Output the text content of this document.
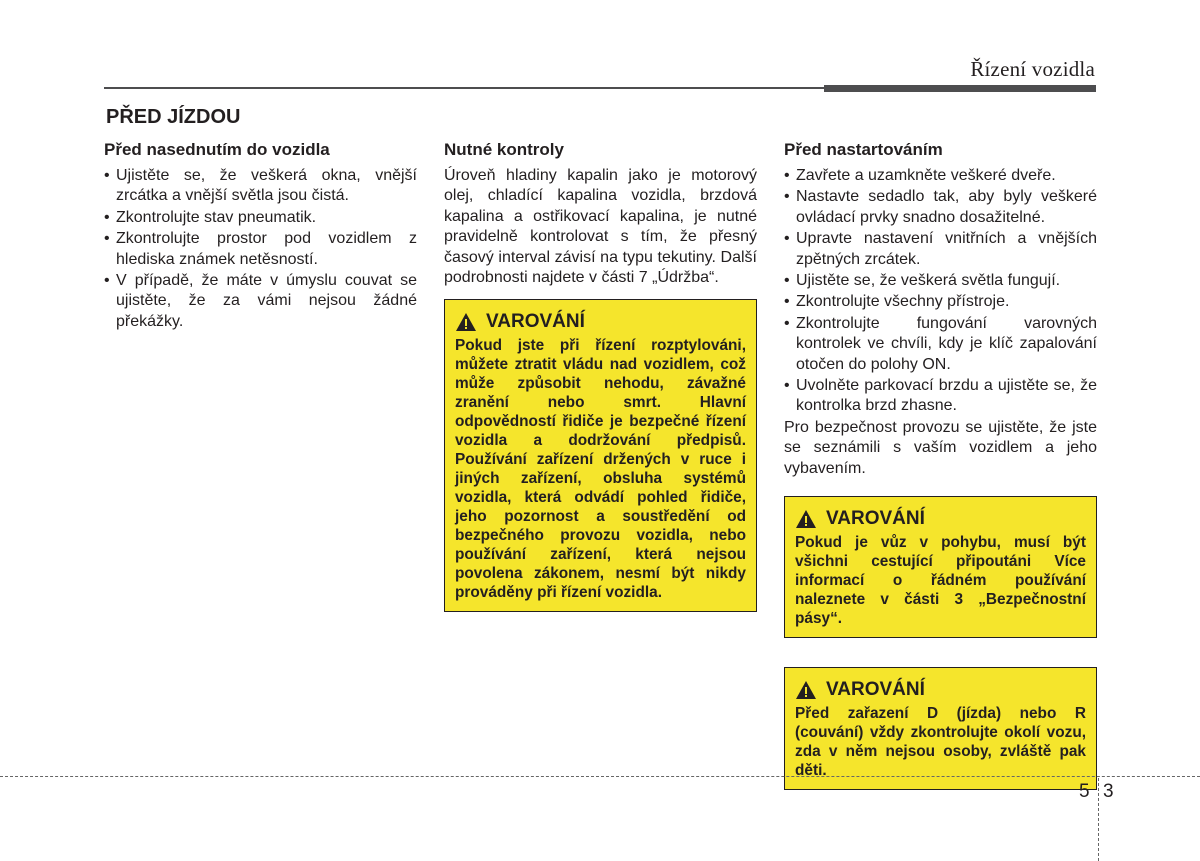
Řízení vozidla
PŘED JÍZDOU
Před nasednutím do vozidla
• Ujistěte se, že veškerá okna, vnější zrcátka a vnější světla jsou čistá.
• Zkontrolujte stav pneumatik.
• Zkontrolujte prostor pod vozidlem z hlediska známek netěsností.
• V případě, že máte v úmyslu couvat se ujistěte, že za vámi nejsou žádné překážky.
Nutné kontroly

Úroveň hladiny kapalin jako je motorový olej, chladící kapalina vozidla, brzdová kapalina a ostřikovací kapalina, je nutné pravidelně kontrolovat s tím, že přesný časový interval závisí na typu tekutiny. Další podrobnosti najdete v části 7 „Údržba“.

VAROVÁNÍ
Pokud jste při řízení rozptylováni, můžete ztratit vládu nad vozidlem, což může způsobit nehodu, závažné zranění nebo smrt. Hlavní odpovědností řidiče je bezpečné řízení vozidla a dodržování předpisů. Používání zařízení držených v ruce i jiných zařízení, obsluha systémů vozidla, která odvádí pohled řidiče, jeho pozornost a soustředění od bezpečného provozu vozidla, nebo používání zařízení, která nejsou povolena zákonem, nesmí být nikdy prováděny při řízení vozidla.
Před nastartováním
• Zavřete a uzamkněte veškeré dveře.
• Nastavte sedadlo tak, aby byly veškeré ovládací prvky snadno dosažitelné.
• Upravte nastavení vnitřních a vnějších zpětných zrcátek.
• Ujistěte se, že veškerá světla fungují.
• Zkontrolujte všechny přístroje.
• Zkontrolujte fungování varovných kontrolek ve chvíli, kdy je klíč zapalování otočen do polohy ON.
• Uvolněte parkovací brzdu a ujistěte se, že kontrolka brzd zhasne.

Pro bezpečnost provozu se ujistěte, že jste se seznámili s vaším vozidlem a jeho vybavením.

VAROVÁNÍ
Pokud je vůz v pohybu, musí být všichni cestující připoutáni Více informací o řádném používání naleznete v části 3 „Bezpečnostní pásy“.
VAROVÁNÍ
Před zařazení D (jízda) nebo R (couvání) vždy zkontrolujte okolí vozu, zda v něm nejsou osoby, zvláště pak děti.
5 3
